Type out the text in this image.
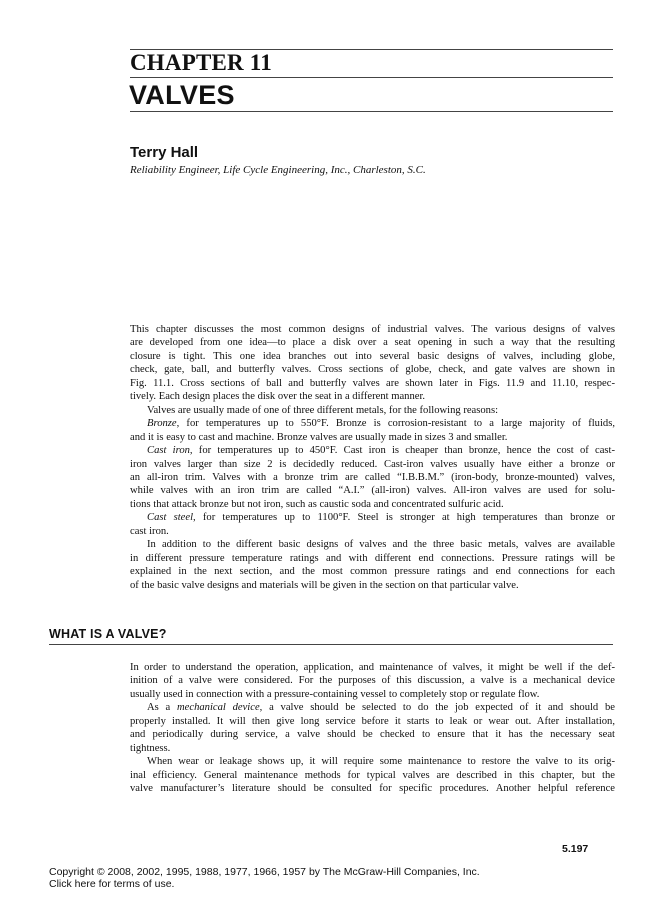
CHAPTER 11
VALVES
Terry Hall
Reliability Engineer, Life Cycle Engineering, Inc., Charleston, S.C.
This chapter discusses the most common designs of industrial valves. The various designs of valves
are developed from one idea—to place a disk over a seat opening in such a way that the resulting
closure is tight. This one idea branches out into several basic designs of valves, including globe,
check, gate, ball, and butterfly valves. Cross sections of globe, check, and gate valves are shown in
Fig. 11.1. Cross sections of ball and butterfly valves are shown later in Figs. 11.9 and 11.10, respec-
tively. Each design places the disk over the seat in a different manner.
Valves are usually made of one of three different metals, for the following reasons:
Bronze, for temperatures up to 550°F. Bronze is corrosion-resistant to a large majority of fluids,
and it is easy to cast and machine. Bronze valves are usually made in sizes 3 and smaller.
Cast iron, for temperatures up to 450°F. Cast iron is cheaper than bronze, hence the cost of cast-
iron valves larger than size 2 is decidedly reduced. Cast-iron valves usually have either a bronze or
an all-iron trim. Valves with a bronze trim are called “I.B.B.M.” (iron-body, bronze-mounted) valves,
while valves with an iron trim are called “A.I.” (all-iron) valves. All-iron valves are used for solu-
tions that attack bronze but not iron, such as caustic soda and concentrated sulfuric acid.
Cast steel, for temperatures up to 1100°F. Steel is stronger at high temperatures than bronze or
cast iron.
In addition to the different basic designs of valves and the three basic metals, valves are available
in different pressure temperature ratings and with different end connections. Pressure ratings will be
explained in the next section, and the most common pressure ratings and end connections for each
of the basic valve designs and materials will be given in the section on that particular valve.
WHAT IS A VALVE?
In order to understand the operation, application, and maintenance of valves, it might be well if the def-
inition of a valve were considered. For the purposes of this discussion, a valve is a mechanical device
usually used in connection with a pressure-containing vessel to completely stop or regulate flow.
As a mechanical device, a valve should be selected to do the job expected of it and should be
properly installed. It will then give long service before it starts to leak or wear out. After installation,
and periodically during service, a valve should be checked to ensure that it has the necessary seat
tightness.
When wear or leakage shows up, it will require some maintenance to restore the valve to its orig-
inal efficiency. General maintenance methods for typical valves are described in this chapter, but the
valve manufacturer’s literature should be consulted for specific procedures. Another helpful reference
5.197
Copyright © 2008, 2002, 1995, 1988, 1977, 1966, 1957 by The McGraw-Hill Companies, Inc.
Click here for terms of use.
